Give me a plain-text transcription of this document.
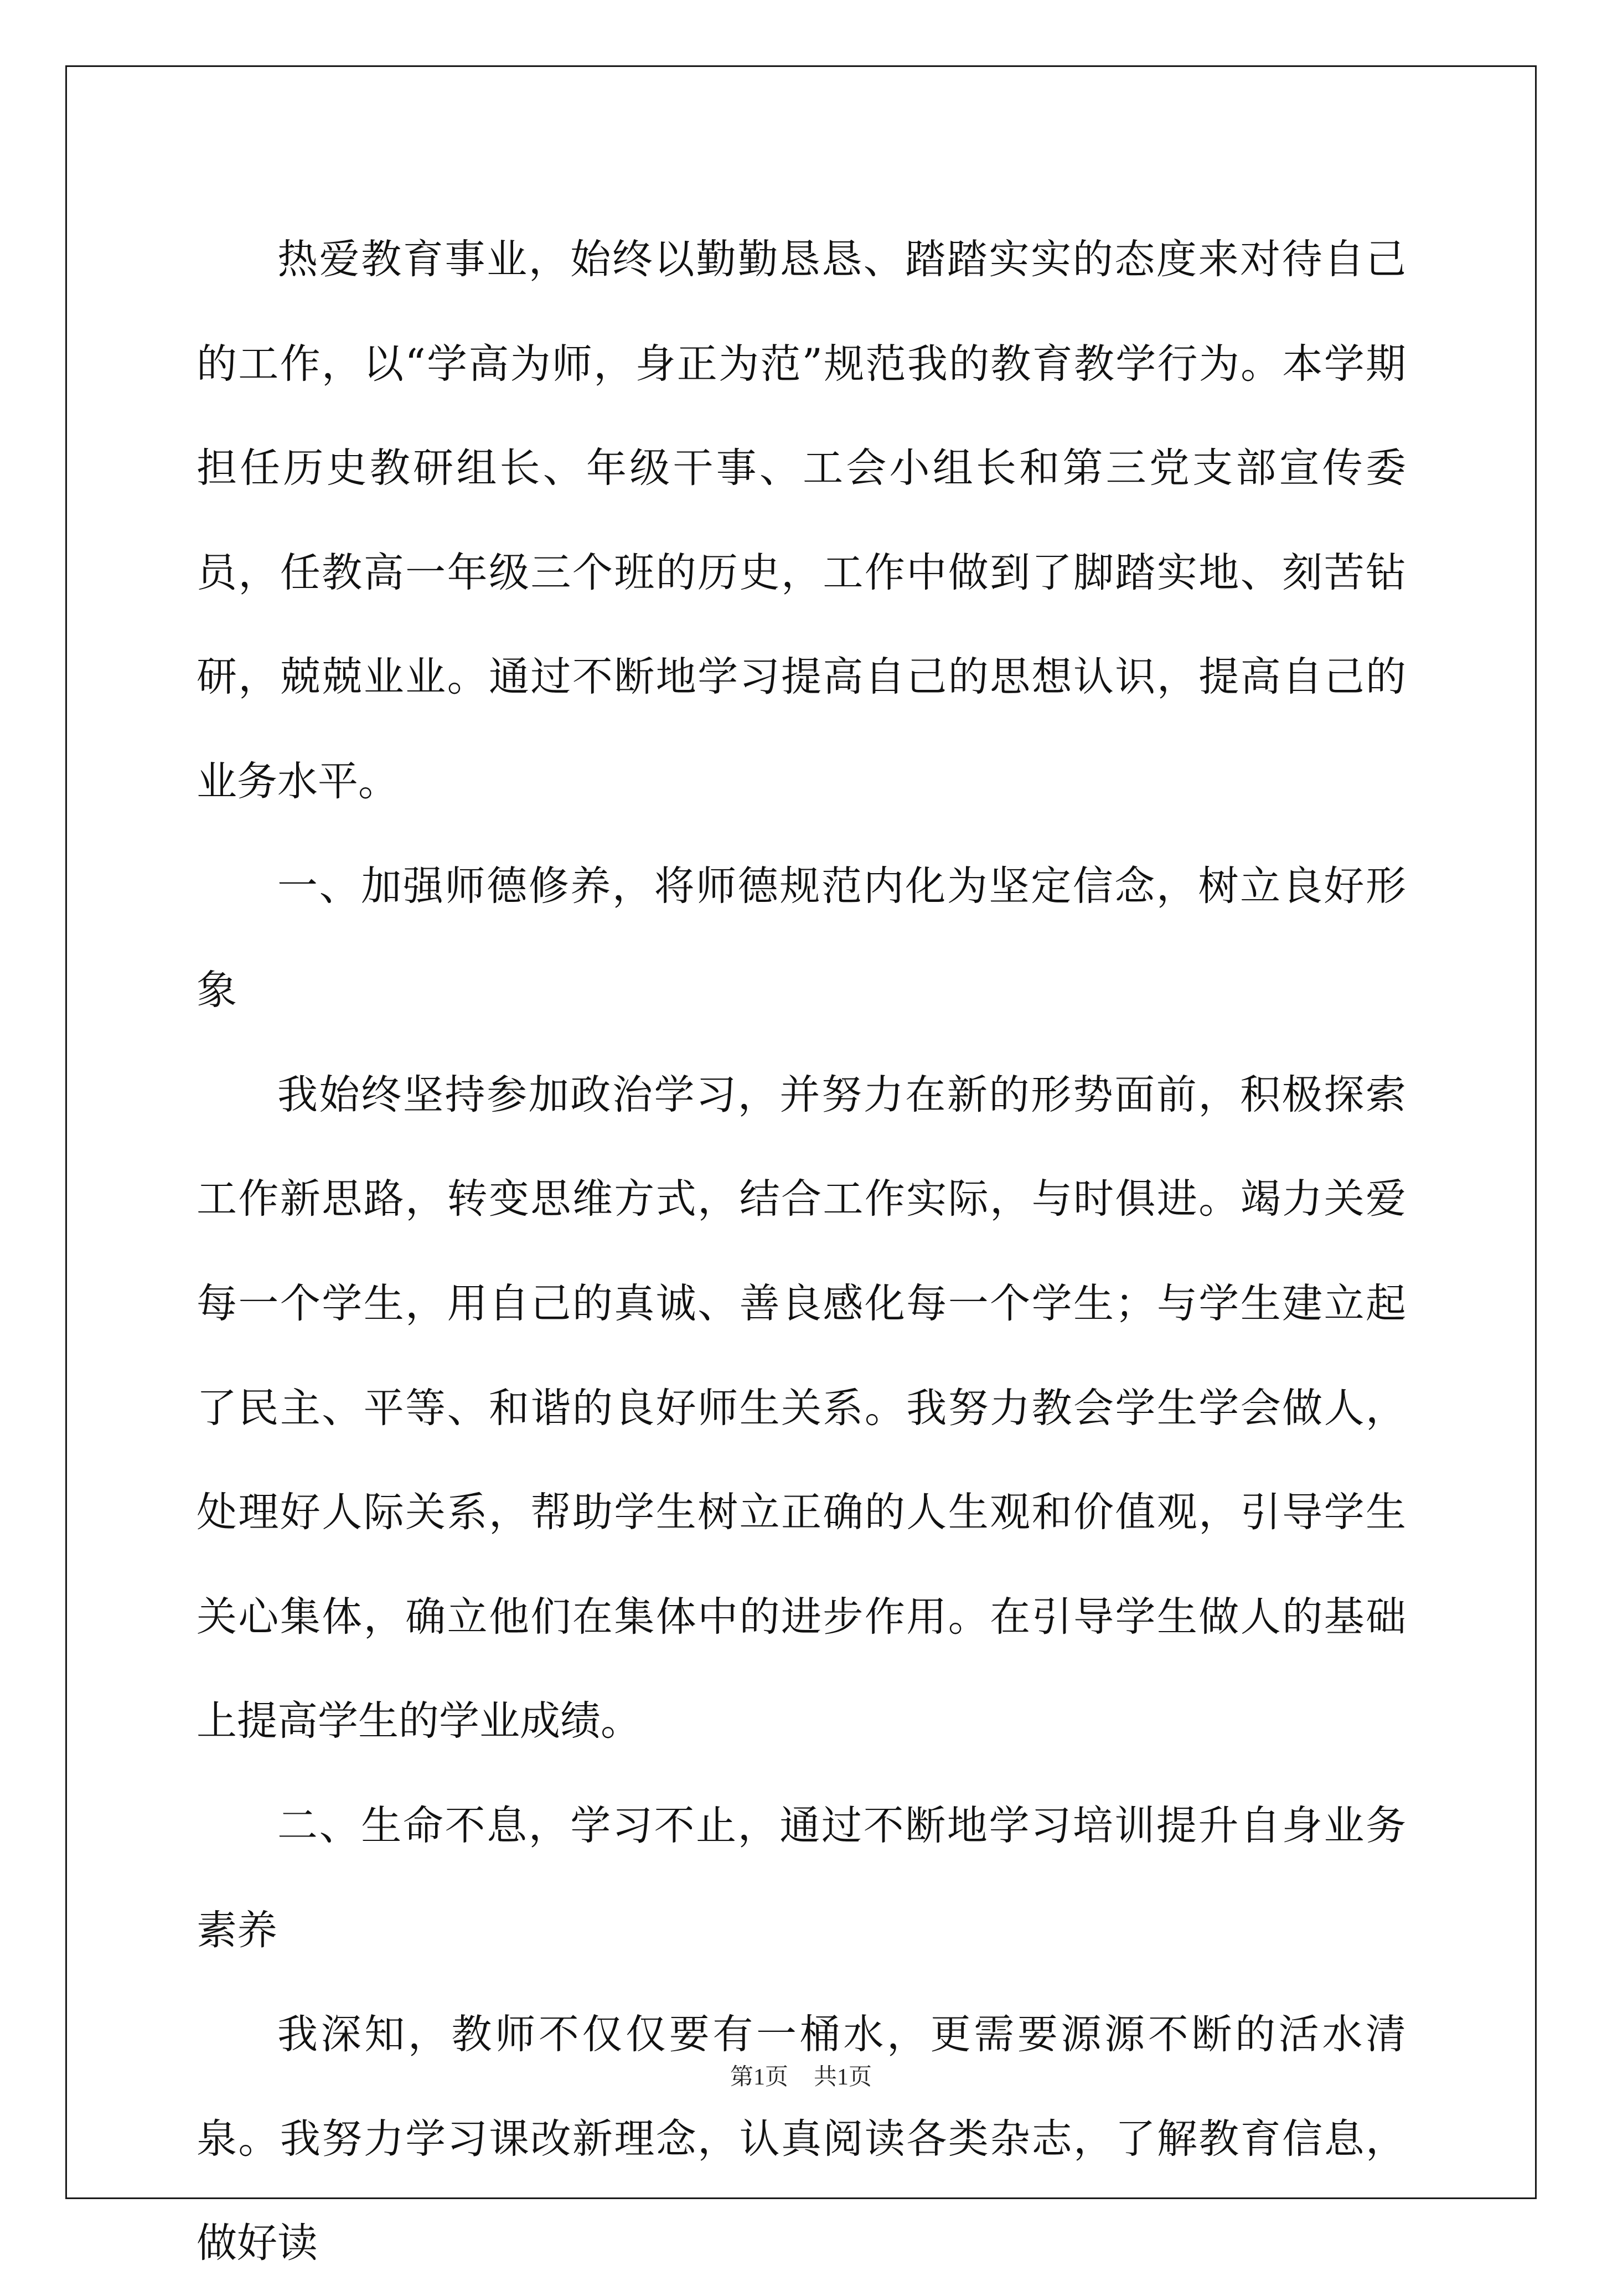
热爱教育事业，始终以勤勤恳恳、踏踏实实的态度来对待自己的工作，以“学高为师，身正为范”规范我的教育教学行为。本学期担任历史教研组长、年级干事、工会小组长和第三党支部宣传委员，任教高一年级三个班的历史，工作中做到了脚踏实地、刻苦钻研，兢兢业业。通过不断地学习提高自己的思想认识，提高自己的业务水平。

一、加强师德修养，将师德规范内化为坚定信念，树立良好形象

我始终坚持参加政治学习，并努力在新的形势面前，积极探索工作新思路，转变思维方式，结合工作实际，与时俱进。竭力关爱每一个学生，用自己的真诚、善良感化每一个学生；与学生建立起了民主、平等、和谐的良好师生关系。我努力教会学生学会做人，处理好人际关系，帮助学生树立正确的人生观和价值观，引导学生关心集体，确立他们在集体中的进步作用。在引导学生做人的基础上提高学生的学业成绩。

二、生命不息，学习不止，通过不断地学习培训提升自身业务素养

我深知，教师不仅仅要有一桶水，更需要源源不断的活水清泉。我努力学习课改新理念，认真阅读各类杂志，了解教育信息，做好读

第1页 共1页
